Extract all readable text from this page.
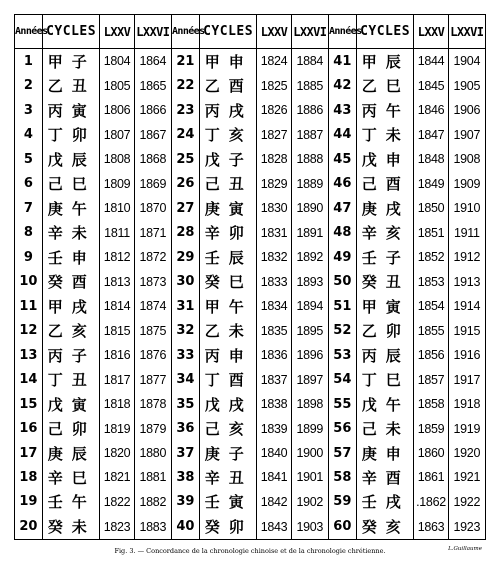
Années	CYCLES	LXXV	LXXVI	Années	CYCLES	LXXV	LXXVI	Années	CYCLES	LXXV	LXXVI
1	甲子	1804	1864	21	甲申	1824	1884	41	甲辰	1844	1904
2	乙丑	1805	1865	22	乙酉	1825	1885	42	乙巳	1845	1905
3	丙寅	1806	1866	23	丙戌	1826	1886	43	丙午	1846	1906
4	丁卯	1807	1867	24	丁亥	1827	1887	44	丁未	1847	1907
5	戊辰	1808	1868	25	戊子	1828	1888	45	戊申	1848	1908
6	己巳	1809	1869	26	己丑	1829	1889	46	己酉	1849	1909
7	庚午	1810	1870	27	庚寅	1830	1890	47	庚戌	1850	1910
8	辛未	1811	1871	28	辛卯	1831	1891	48	辛亥	1851	1911
9	壬申	1812	1872	29	壬辰	1832	1892	49	壬子	1852	1912
10	癸酉	1813	1873	30	癸巳	1833	1893	50	癸丑	1853	1913
11	甲戌	1814	1874	31	甲午	1834	1894	51	甲寅	1854	1914
12	乙亥	1815	1875	32	乙未	1835	1895	52	乙卯	1855	1915
13	丙子	1816	1876	33	丙申	1836	1896	53	丙辰	1856	1916
14	丁丑	1817	1877	34	丁酉	1837	1897	54	丁巳	1857	1917
15	戊寅	1818	1878	35	戊戌	1838	1898	55	戊午	1858	1918
16	己卯	1819	1879	36	己亥	1839	1899	56	己未	1859	1919
17	庚辰	1820	1880	37	庚子	1840	1900	57	庚申	1860	1920
18	辛巳	1821	1881	38	辛丑	1841	1901	58	辛酉	1861	1921
19	壬午	1822	1882	39	壬寅	1842	1902	59	壬戌	.1862	1922
20	癸未	1823	1883	40	癸卯	1843	1903	60	癸亥	1863	1923
Fig. 3. — Concordance de la chronologie chinoise et de la chronologie chrétienne.	L.Guillaume
